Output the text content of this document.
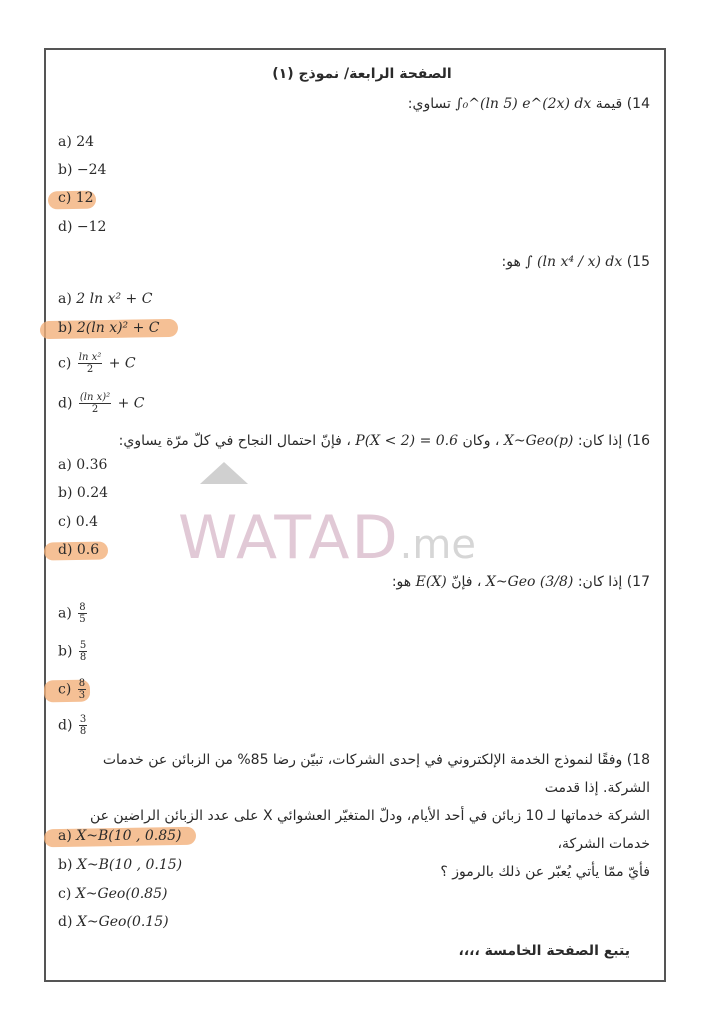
الصفحة الرابعة/ نموذج (١)
14) قيمة ∫₀^(ln 5) e^(2x) dx تساوي:
a) 24
b) −24
c) 12
d) −12
15) ∫ (ln x⁴ / x) dx هو:
a) 2 ln x² + C
b) 2(ln x)² + C
$c) \frac{\text{ln x²}}{2} + C$
$d) \frac{\text{(ln x)²}}{2} + C$
16) إذا كان: X~Geo(p) ، وكان P(X < 2) = 0.6 ، فإنّ احتمال النجاح في كلّ مرّة يساوي:
a) 0.36
b) 0.24
c) 0.4
d) 0.6
17) إذا كان: X~Geo (3/8) ، فإنّ E(X) هو:
$a) \frac{8}{5}$
$b) \frac{5}{8}$
$c) \frac{8}{3}$
$d) \frac{3}{8}$
18) وفقًا لنموذج الخدمة الإلكتروني في إحدى الشركات، تبيّن رضا 85% من الزبائن عن خدمات الشركة. إذا قدمت
الشركة خدماتها لـ 10 زبائن في أحد الأيام، ودلّ المتغيّر العشوائي X على عدد الزبائن الراضين عن خدمات الشركة،
فأيّ ممّا يأتي يُعبّر عن ذلك بالرموز ؟
a) X~B(10 , 0.85)
b) X~B(10 , 0.15)
c) X~Geo(0.85)
d) X~Geo(0.15)
يتبع الصفحة الخامسة ،،،،
WATAD.me
